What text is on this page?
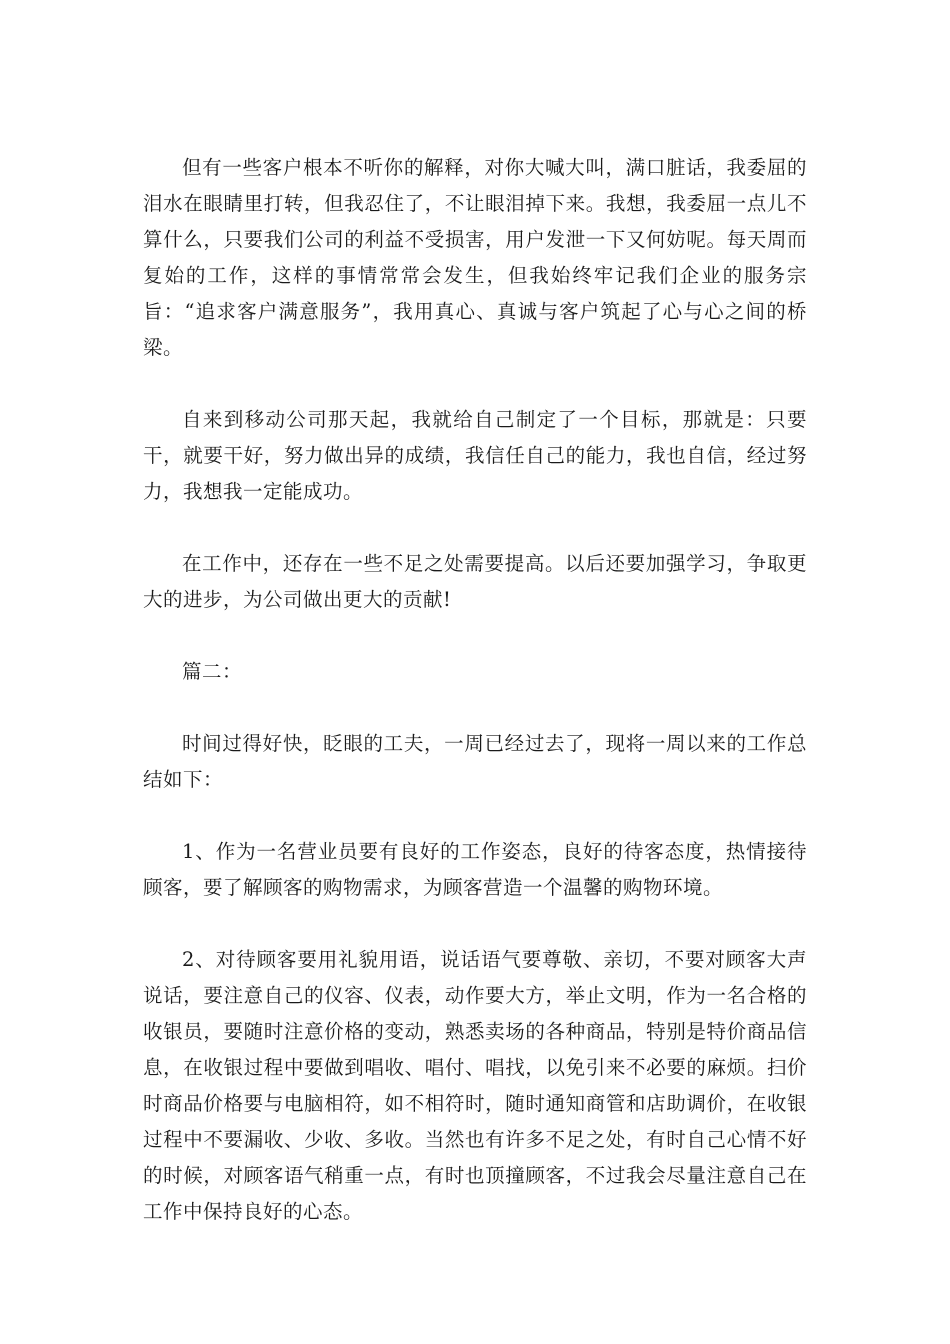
但有一些客户根本不听你的解释，对你大喊大叫，满口脏话，我委屈的泪水在眼睛里打转，但我忍住了，不让眼泪掉下来。我想，我委屈一点儿不算什么，只要我们公司的利益不受损害，用户发泄一下又何妨呢。每天周而复始的工作，这样的事情常常会发生，但我始终牢记我们企业的服务宗旨：“追求客户满意服务”，我用真心、真诚与客户筑起了心与心之间的桥梁。

自来到移动公司那天起，我就给自己制定了一个目标，那就是：只要干，就要干好，努力做出异的成绩，我信任自己的能力，我也自信，经过努力，我想我一定能成功。

在工作中，还存在一些不足之处需要提高。以后还要加强学习，争取更大的进步，为公司做出更大的贡献!

篇二：

时间过得好快，眨眼的工夫，一周已经过去了，现将一周以来的工作总结如下：

1、作为一名营业员要有良好的工作姿态，良好的待客态度，热情接待顾客，要了解顾客的购物需求，为顾客营造一个温馨的购物环境。

2、对待顾客要用礼貌用语，说话语气要尊敬、亲切，不要对顾客大声说话，要注意自己的仪容、仪表，动作要大方，举止文明，作为一名合格的收银员，要随时注意价格的变动，熟悉卖场的各种商品，特别是特价商品信息，在收银过程中要做到唱收、唱付、唱找，以免引来不必要的麻烦。扫价时商品价格要与电脑相符，如不相符时，随时通知商管和店助调价，在收银过程中不要漏收、少收、多收。当然也有许多不足之处，有时自己心情不好的时候，对顾客语气稍重一点，有时也顶撞顾客，不过我会尽量注意自己在工作中保持良好的心态。
